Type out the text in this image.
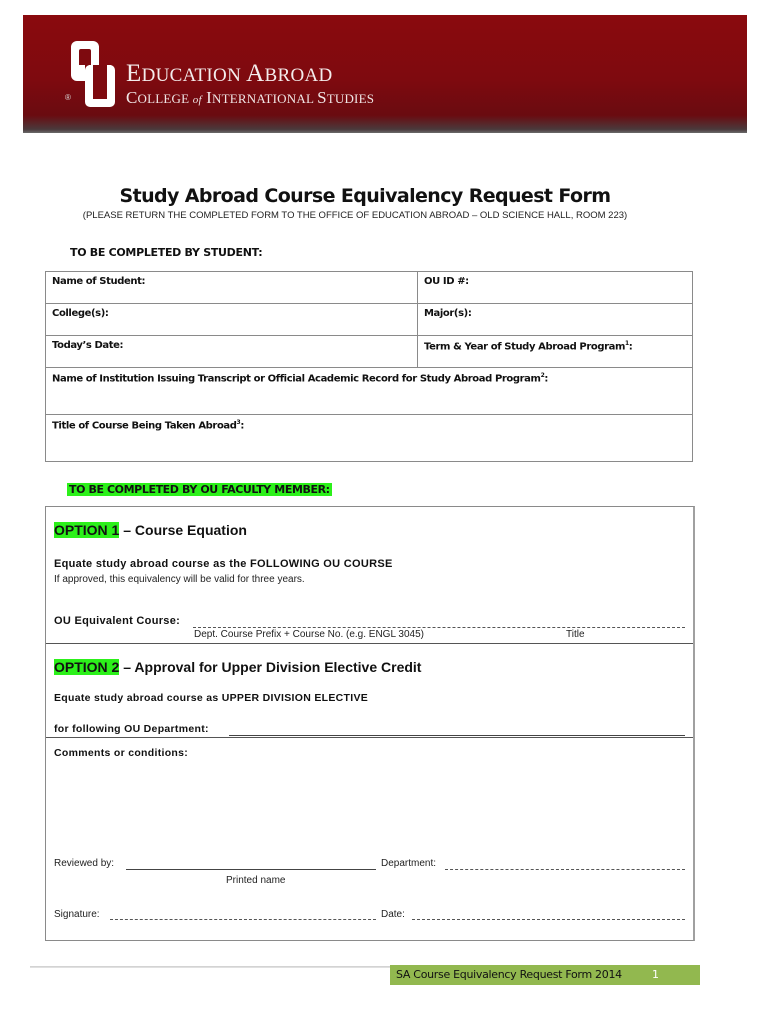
®
EDUCATION ABROAD
COLLEGE of INTERNATIONAL STUDIES
Study Abroad Course Equivalency Request Form
(PLEASE RETURN THE COMPLETED FORM TO THE OFFICE OF EDUCATION ABROAD – OLD SCIENCE HALL, ROOM 223)
TO BE COMPLETED BY STUDENT:
Name of Student:	OU ID #:
College(s):	Major(s):
Today’s Date:	Term & Year of Study Abroad Program$^1$:
Name of Institution Issuing Transcript or Official Academic Record for Study Abroad Program$^2$:	
Title of Course Being Taken Abroad$^3$:	
TO BE COMPLETED BY OU FACULTY MEMBER:
OPTION 1 – Course Equation
Equate study abroad course as the FOLLOWING OU COURSE
If approved, this equivalency will be valid for three years.
OU Equivalent Course:
Dept. Course Prefix + Course No. (e.g. ENGL 3045)	Title
OPTION 2 – Approval for Upper Division Elective Credit
Equate study abroad course as UPPER DIVISION ELECTIVE
for following OU Department:
Comments or conditions:
Reviewed by:	Department:
Printed name
Signature:	Date:
SA Course Equivalency Request Form 2014	1
